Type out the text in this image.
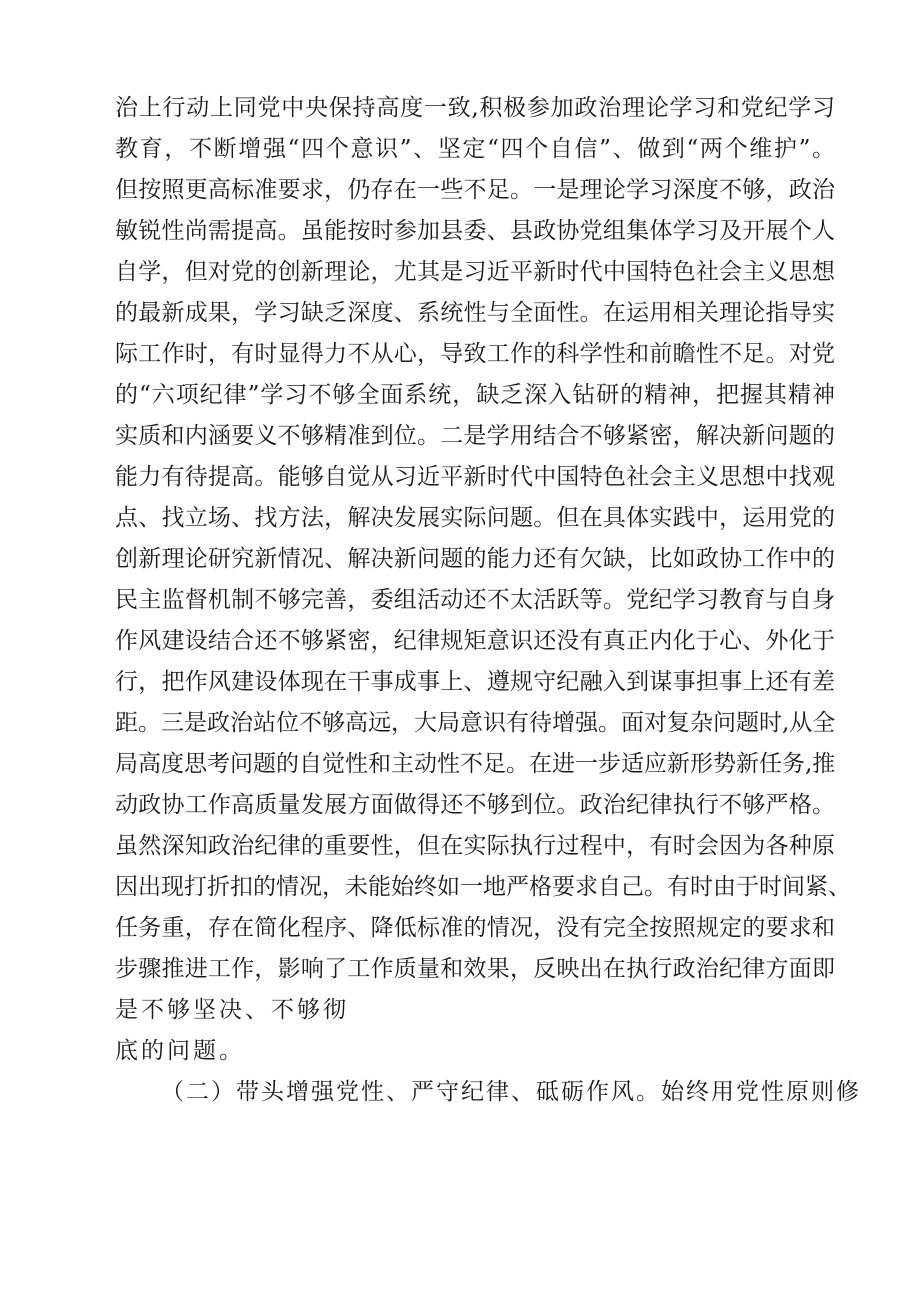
治上行动上同党中央保持高度一致,积极参加政治理论学习和党纪学习
教育，不断增强“四个意识”、坚定“四个自信”、做到“两个维护”。
但按照更高标准要求，仍存在一些不足。一是理论学习深度不够，政治
敏锐性尚需提高。虽能按时参加县委、县政协党组集体学习及开展个人
自学，但对党的创新理论，尤其是习近平新时代中国特色社会主义思想
的最新成果，学习缺乏深度、系统性与全面性。在运用相关理论指导实
际工作时，有时显得力不从心，导致工作的科学性和前瞻性不足。对党
的“六项纪律”学习不够全面系统，缺乏深入钻研的精神，把握其精神
实质和内涵要义不够精准到位。二是学用结合不够紧密，解决新问题的
能力有待提高。能够自觉从习近平新时代中国特色社会主义思想中找观
点、找立场、找方法，解决发展实际问题。但在具体实践中，运用党的
创新理论研究新情况、解决新问题的能力还有欠缺，比如政协工作中的
民主监督机制不够完善，委组活动还不太活跃等。党纪学习教育与自身
作风建设结合还不够紧密，纪律规矩意识还没有真正内化于心、外化于
行，把作风建设体现在干事成事上、遵规守纪融入到谋事担事上还有差
距。三是政治站位不够高远，大局意识有待增强。面对复杂问题时,从全
局高度思考问题的自觉性和主动性不足。在进一步适应新形势新任务,推
动政协工作高质量发展方面做得还不够到位。政治纪律执行不够严格。
虽然深知政治纪律的重要性，但在实际执行过程中，有时会因为各种原
因出现打折扣的情况，未能始终如一地严格要求自己。有时由于时间紧、
任务重，存在简化程序、降低标准的情况，没有完全按照规定的要求和
步骤推进工作，影响了工作质量和效果，反映出在执行政治纪律方面即
是不够坚决、不够彻
底的问题。
（二）带头增强党性、严守纪律、砥砺作风。始终用党性原则修
